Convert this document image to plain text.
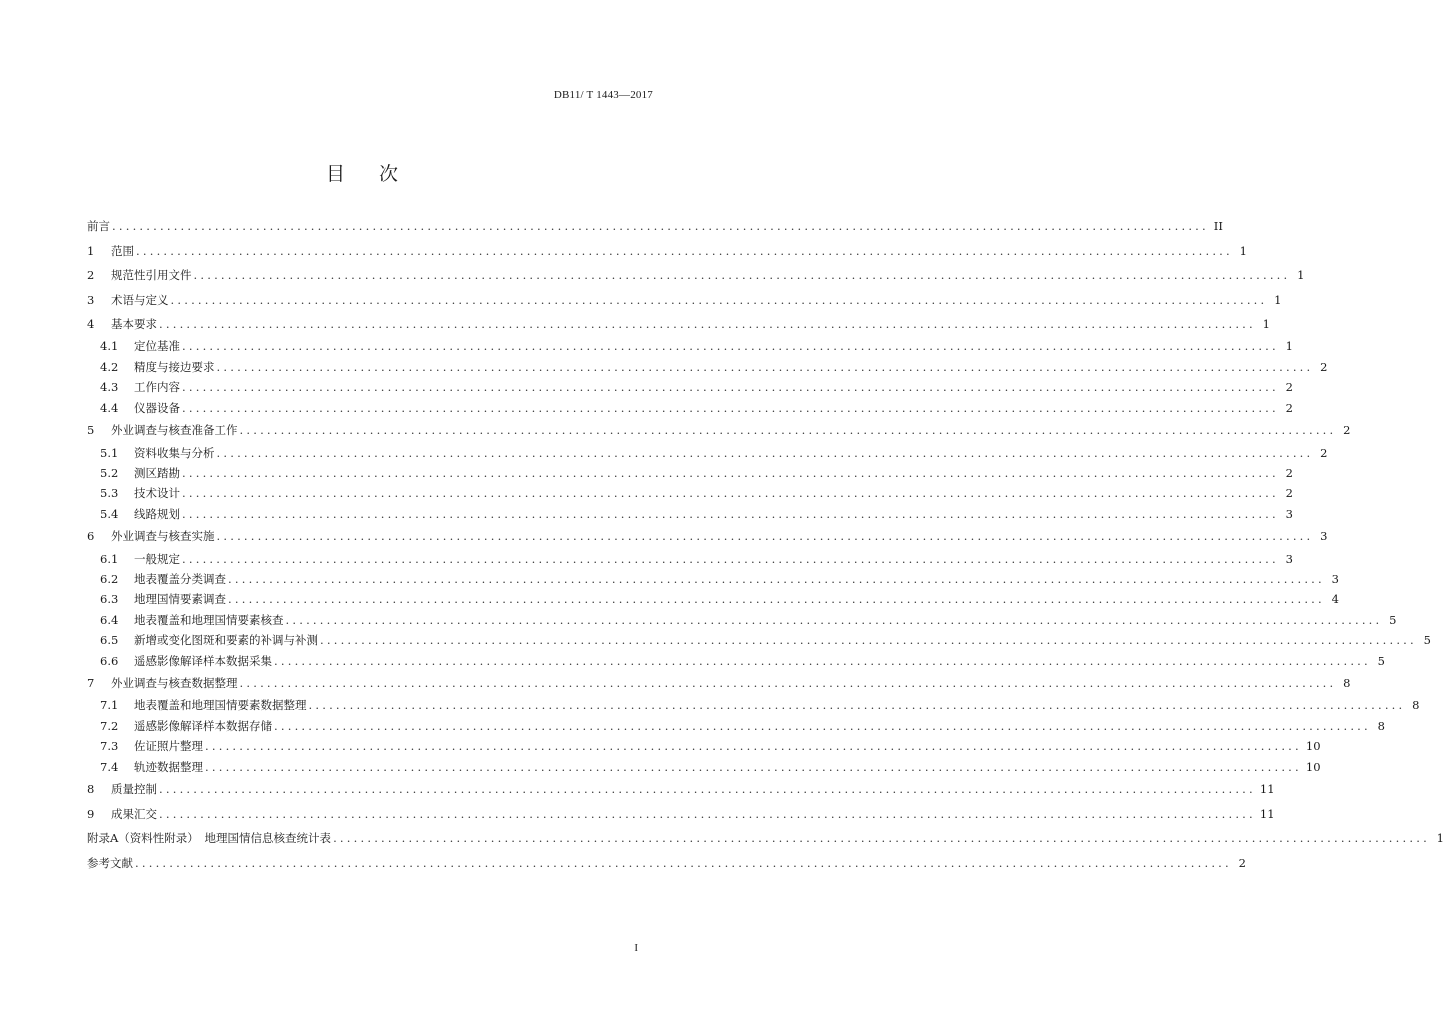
DB11/ T 1443—2017
目次
前言 ................................................................................................................................................................ II
1	范围 ................................................................................................................................................................ 1
2	规范性引用文件 ................................................................................................................................................................ 1
3	术语与定义 ................................................................................................................................................................ 1
4	基本要求 ................................................................................................................................................................ 1
4.1	定位基准 ................................................................................................................................................................ 1
4.2	精度与接边要求 ................................................................................................................................................................ 2
4.3	工作内容 ................................................................................................................................................................ 2
4.4	仪器设备 ................................................................................................................................................................ 2
5	外业调查与核查准备工作 ................................................................................................................................................................ 2
5.1	资料收集与分析 ................................................................................................................................................................ 2
5.2	测区踏勘 ................................................................................................................................................................ 2
5.3	技术设计 ................................................................................................................................................................ 2
5.4	线路规划 ................................................................................................................................................................ 3
6	外业调查与核查实施 ................................................................................................................................................................ 3
6.1	一般规定 ................................................................................................................................................................ 3
6.2	地表覆盖分类调查 ................................................................................................................................................................ 3
6.3	地理国情要素调查 ................................................................................................................................................................ 4
6.4	地表覆盖和地理国情要素核查 ................................................................................................................................................................ 5
6.5	新增或变化图斑和要素的补调与补测 ................................................................................................................................................................ 5
6.6	遥感影像解译样本数据采集 ................................................................................................................................................................ 5
7	外业调查与核查数据整理 ................................................................................................................................................................ 8
7.1	地表覆盖和地理国情要素数据整理 ................................................................................................................................................................ 8
7.2	遥感影像解译样本数据存储 ................................................................................................................................................................ 8
7.3	佐证照片整理 ................................................................................................................................................................ 10
7.4	轨迹数据整理 ................................................................................................................................................................ 10
8	质量控制 ................................................................................................................................................................ 11
9	成果汇交 ................................................................................................................................................................ 11
附录A（资料性附录）　地理国情信息核查统计表 ................................................................................................................................................................ 1
参考文献 ................................................................................................................................................................ 2
I
